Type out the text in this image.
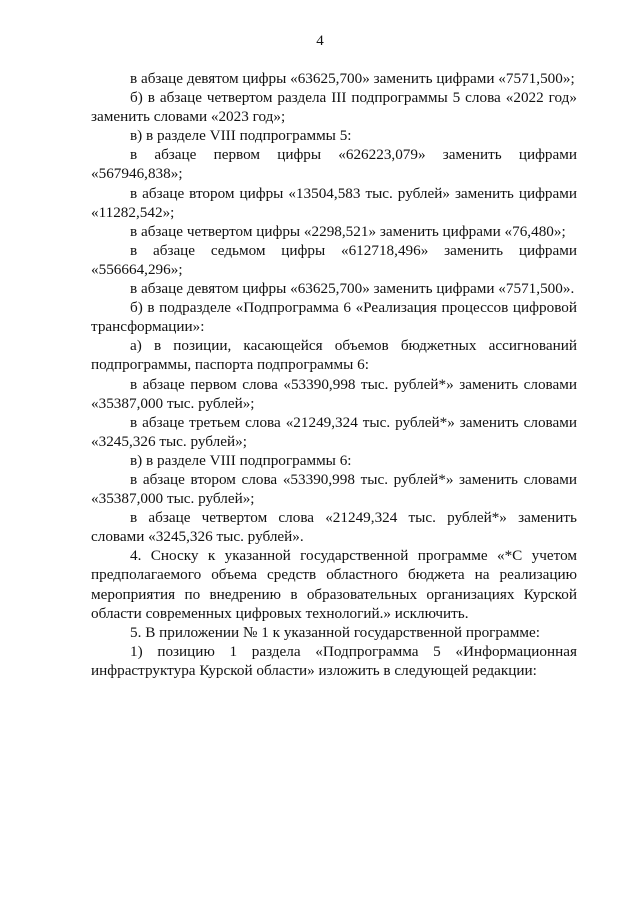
4

в абзаце девятом цифры «63625,700» заменить цифрами «7571,500»;

б) в абзаце четвертом раздела III подпрограммы 5 слова «2022 год» заменить словами «2023 год»;

в) в разделе VIII подпрограммы 5:

в абзаце первом цифры «626223,079» заменить цифрами «567946,838»;

в абзаце втором цифры «13504,583 тыс. рублей» заменить цифрами «11282,542»;

в абзаце четвертом цифры «2298,521» заменить цифрами «76,480»;

в абзаце седьмом цифры «612718,496» заменить цифрами «556664,296»;

в абзаце девятом цифры «63625,700» заменить цифрами «7571,500».

б) в подразделе «Подпрограмма 6 «Реализация процессов цифровой трансформации»:

а) в позиции, касающейся объемов бюджетных ассигнований подпрограммы, паспорта подпрограммы 6:

в абзаце первом слова «53390,998 тыс. рублей*» заменить словами «35387,000 тыс. рублей»;

в абзаце третьем слова «21249,324 тыс. рублей*» заменить словами «3245,326 тыс. рублей»;

в) в разделе VIII подпрограммы 6:

в абзаце втором слова «53390,998 тыс. рублей*» заменить словами «35387,000 тыс. рублей»;

в абзаце четвертом слова «21249,324 тыс. рублей*» заменить словами «3245,326 тыс. рублей».

4. Сноску к указанной государственной программе «*С учетом предполагаемого объема средств областного бюджета на реализацию мероприятия по внедрению в образовательных организациях Курской области современных цифровых технологий.» исключить.

5. В приложении № 1 к указанной государственной программе:

1) позицию 1 раздела «Подпрограмма 5 «Информационная инфраструктура Курской области» изложить в следующей редакции:
